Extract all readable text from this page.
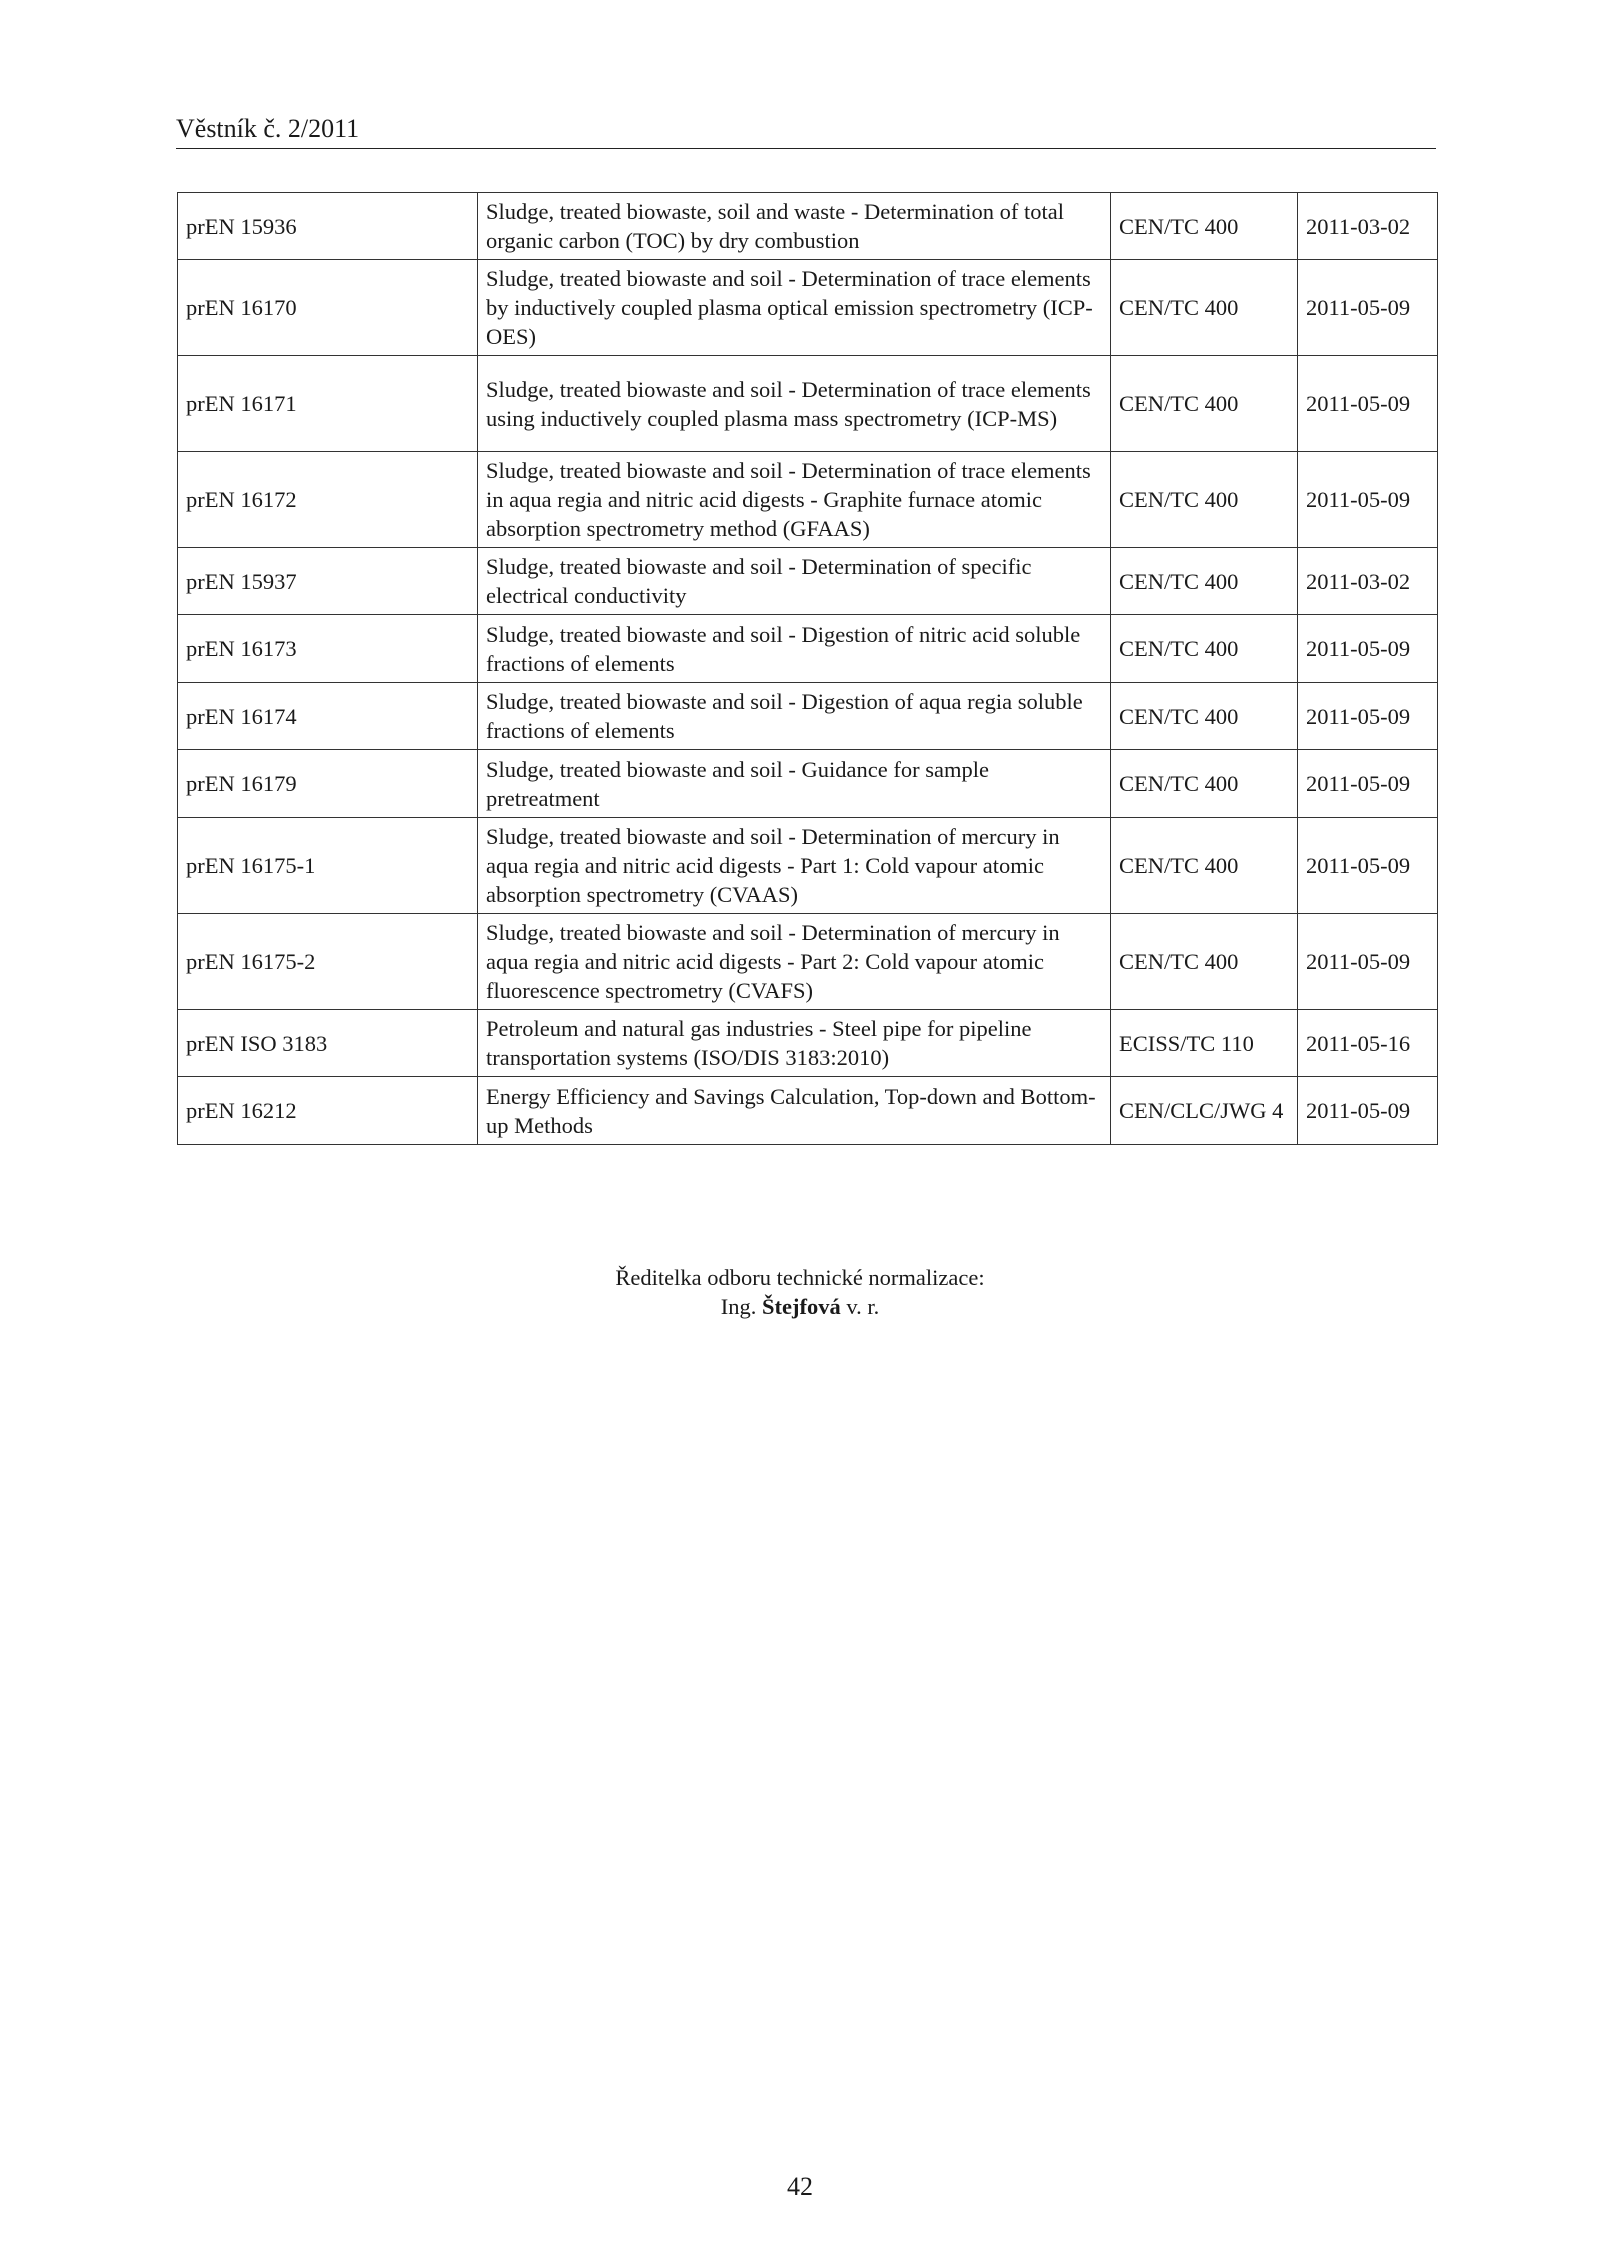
Věstník č. 2/2011
prEN 15936	Sludge, treated biowaste, soil and waste - Determination of total organic carbon (TOC) by dry combustion	CEN/TC 400	2011-03-02
prEN 16170	Sludge, treated biowaste and soil - Determination of trace elements by inductively coupled plasma optical emission spectrometry (ICP-OES)	CEN/TC 400	2011-05-09
prEN 16171	Sludge, treated biowaste and soil - Determination of trace elements using inductively coupled plasma mass spectrometry (ICP-MS)	CEN/TC 400	2011-05-09
prEN 16172	Sludge, treated biowaste and soil - Determination of trace elements in aqua regia and nitric acid digests - Graphite furnace atomic absorption spectrometry method (GFAAS)	CEN/TC 400	2011-05-09
prEN 15937	Sludge, treated biowaste and soil - Determination of specific electrical conductivity	CEN/TC 400	2011-03-02
prEN 16173	Sludge, treated biowaste and soil - Digestion of nitric acid soluble fractions of elements	CEN/TC 400	2011-05-09
prEN 16174	Sludge, treated biowaste and soil - Digestion of aqua regia soluble fractions of elements	CEN/TC 400	2011-05-09
prEN 16179	Sludge, treated biowaste and soil - Guidance for sample pretreatment	CEN/TC 400	2011-05-09
prEN 16175-1	Sludge, treated biowaste and soil - Determination of mercury in aqua regia and nitric acid digests - Part 1: Cold vapour atomic absorption spectrometry (CVAAS)	CEN/TC 400	2011-05-09
prEN 16175-2	Sludge, treated biowaste and soil - Determination of mercury in aqua regia and nitric acid digests - Part 2: Cold vapour atomic fluorescence spectrometry (CVAFS)	CEN/TC 400	2011-05-09
prEN ISO 3183	Petroleum and natural gas industries - Steel pipe for pipeline transportation systems (ISO/DIS 3183:2010)	ECISS/TC 110	2011-05-16
prEN 16212	Energy Efficiency and Savings Calculation, Top-down and Bottom-up Methods	CEN/CLC/JWG 4	2011-05-09
Ředitelka odboru technické normalizace:
Ing. Štejfová v. r.
42
